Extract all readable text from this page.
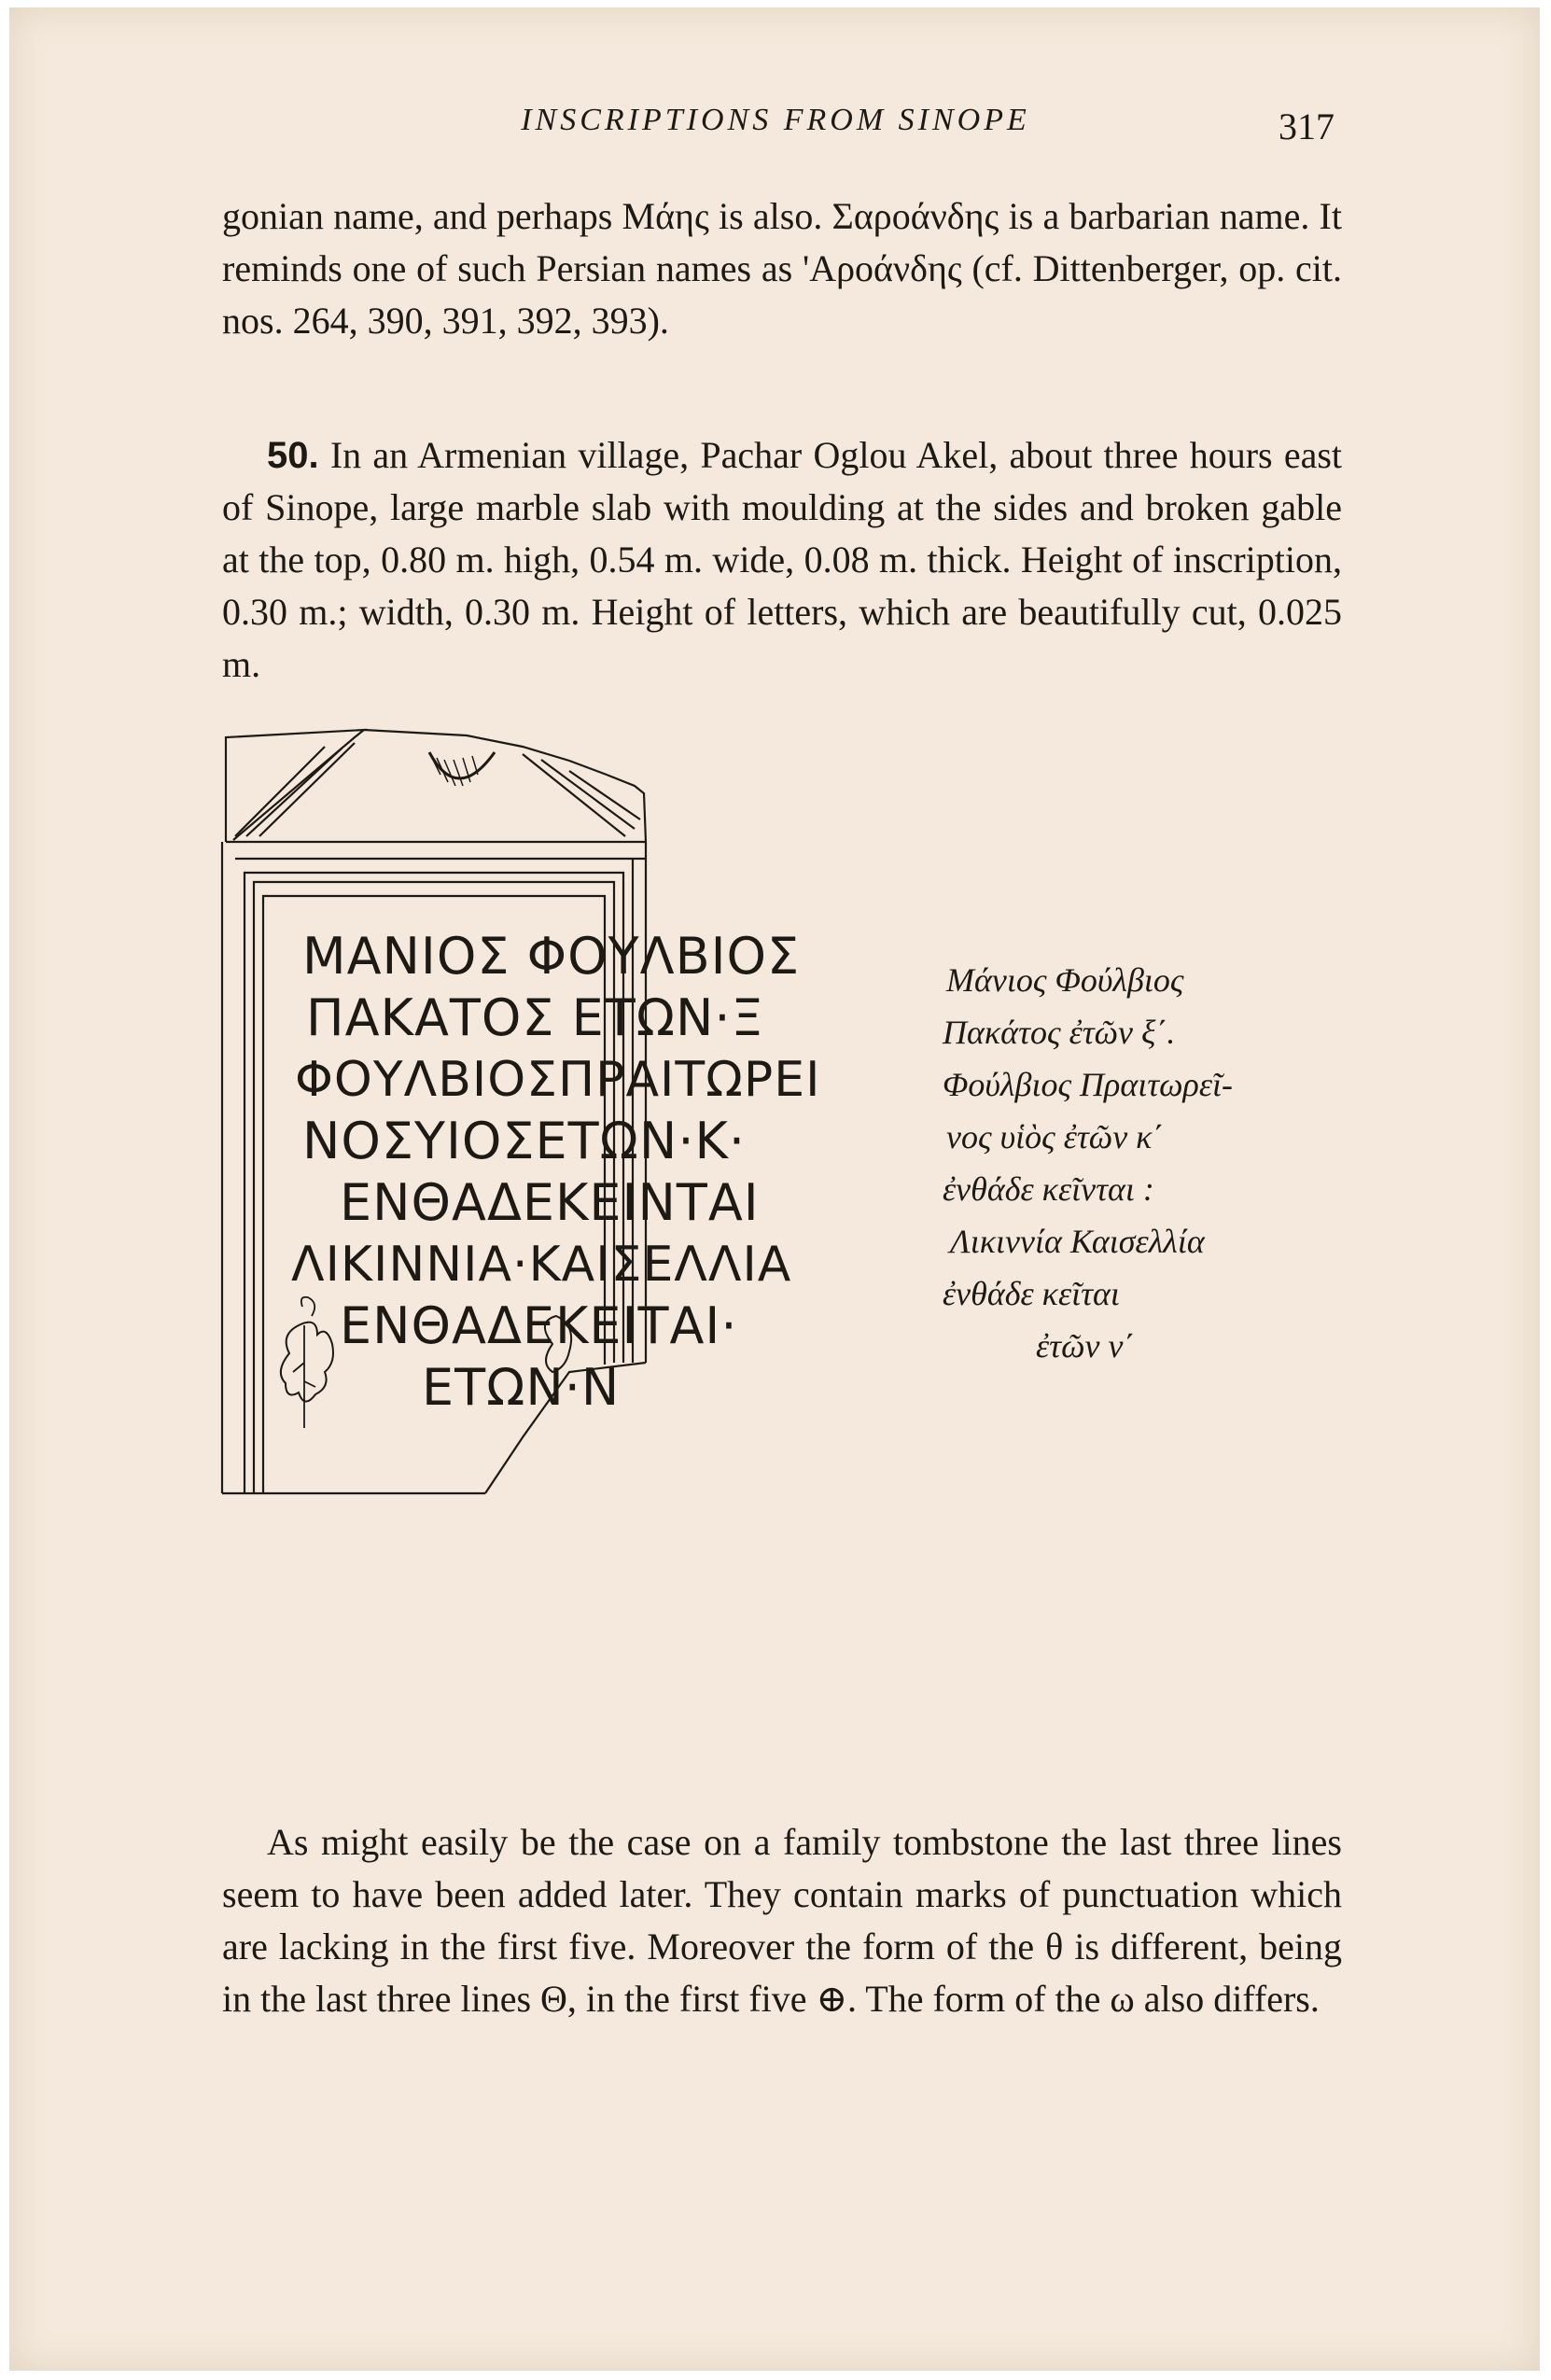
INSCRIPTIONS FROM SINOPE	317

gonian name, and perhaps Μάης is also. Σαροάνδης is a barbarian name. It reminds one of such Persian names as 'Αροάνδης (cf. Dittenberger, op. cit. nos. 264, 390, 391, 392, 393).

50. In an Armenian village, Pachar Oglou Akel, about three hours east of Sinope, large marble slab with moulding at the sides and broken gable at the top, 0.80 m. high, 0.54 m. wide, 0.08 m. thick. Height of inscription, 0.30 m.; width, 0.30 m. Height of letters, which are beautifully cut, 0.025 m.

ΜΑΝΙΟΣ ΦΟΥΛΒΙΟΣ
ΠΑΚΑΤΟΣ ΕΤΩΝ·Ξ
ΦΟΥΛΒΙΟΣΠΡΑΙΤΩΡΕΙ
ΝΟΣΥΙΟΣΕΤΩΝ·Κ·
ΕΝΘΑΔΕΚΕΙΝΤΑΙ
ΛΙΚΙΝΝΙΑ·ΚΑΙΣΕΛΛΙΑ
ΕΝΘΑΔΕΚΕΙΤΑΙ·
ΕΤΩΝ·Ν
Μάνιος Φούλβιος
Πακάτος ἐτῶν ξ΄.
Φούλβιος Πραιτωρεῖ-
νος υἱὸς ἐτῶν κ΄
ἐνθάδε κεῖνται :
Λικιννία Καισελλία
ἐνθάδε κεῖται
ἐτῶν ν΄

As might easily be the case on a family tombstone the last three lines seem to have been added later. They contain marks of punctuation which are lacking in the first five. Moreover the form of the θ is different, being in the last three lines Θ, in the first five ⊕. The form of the ω also differs.
